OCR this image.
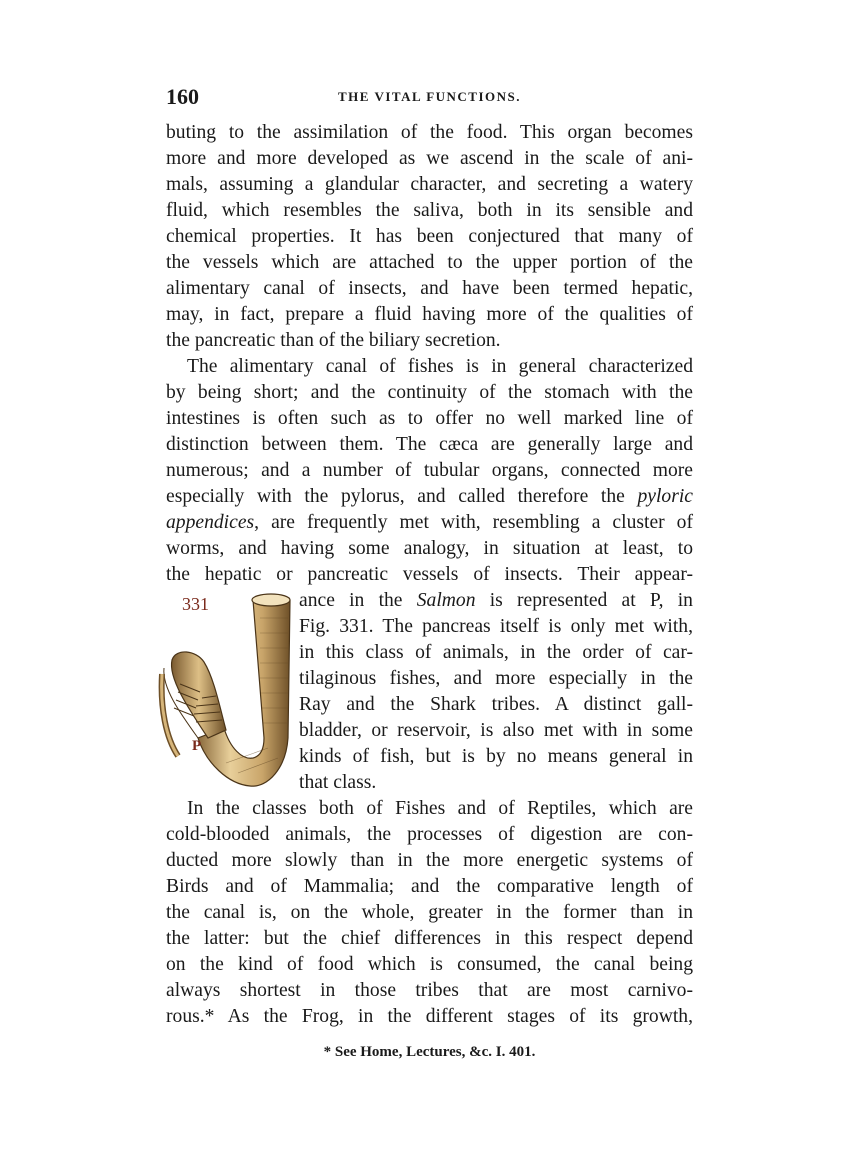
160	THE VITAL FUNCTIONS.
buting to the assimilation of the food. This organ becomes
more and more developed as we ascend in the scale of ani-
mals, assuming a glandular character, and secreting a watery
fluid, which resembles the saliva, both in its sensible and
chemical properties. It has been conjectured that many of
the vessels which are attached to the upper portion of the
alimentary canal of insects, and have been termed hepatic,
may, in fact, prepare a fluid having more of the qualities of
the pancreatic than of the biliary secretion.
The alimentary canal of fishes is in general characterized
by being short; and the continuity of the stomach with the
intestines is often such as to offer no well marked line of
distinction between them. The cæca are generally large and
numerous; and a number of tubular organs, connected more
especially with the pylorus, and called therefore the pyloric
appendices, are frequently met with, resembling a cluster of
worms, and having some analogy, in situation at least, to
the hepatic or pancreatic vessels of insects. Their appear-
331
P
ance in the Salmon is represented at P, in
Fig. 331. The pancreas itself is only met with,
in this class of animals, in the order of car-
tilaginous fishes, and more especially in the
Ray and the Shark tribes. A distinct gall-
bladder, or reservoir, is also met with in some
kinds of fish, but is by no means general in
that class.
In the classes both of Fishes and of Reptiles, which are
cold-blooded animals, the processes of digestion are con-
ducted more slowly than in the more energetic systems of
Birds and of Mammalia; and the comparative length of
the canal is, on the whole, greater in the former than in
the latter: but the chief differences in this respect depend
on the kind of food which is consumed, the canal being
always shortest in those tribes that are most carnivo-
rous.* As the Frog, in the different stages of its growth,
* See Home, Lectures, &c. I. 401.
